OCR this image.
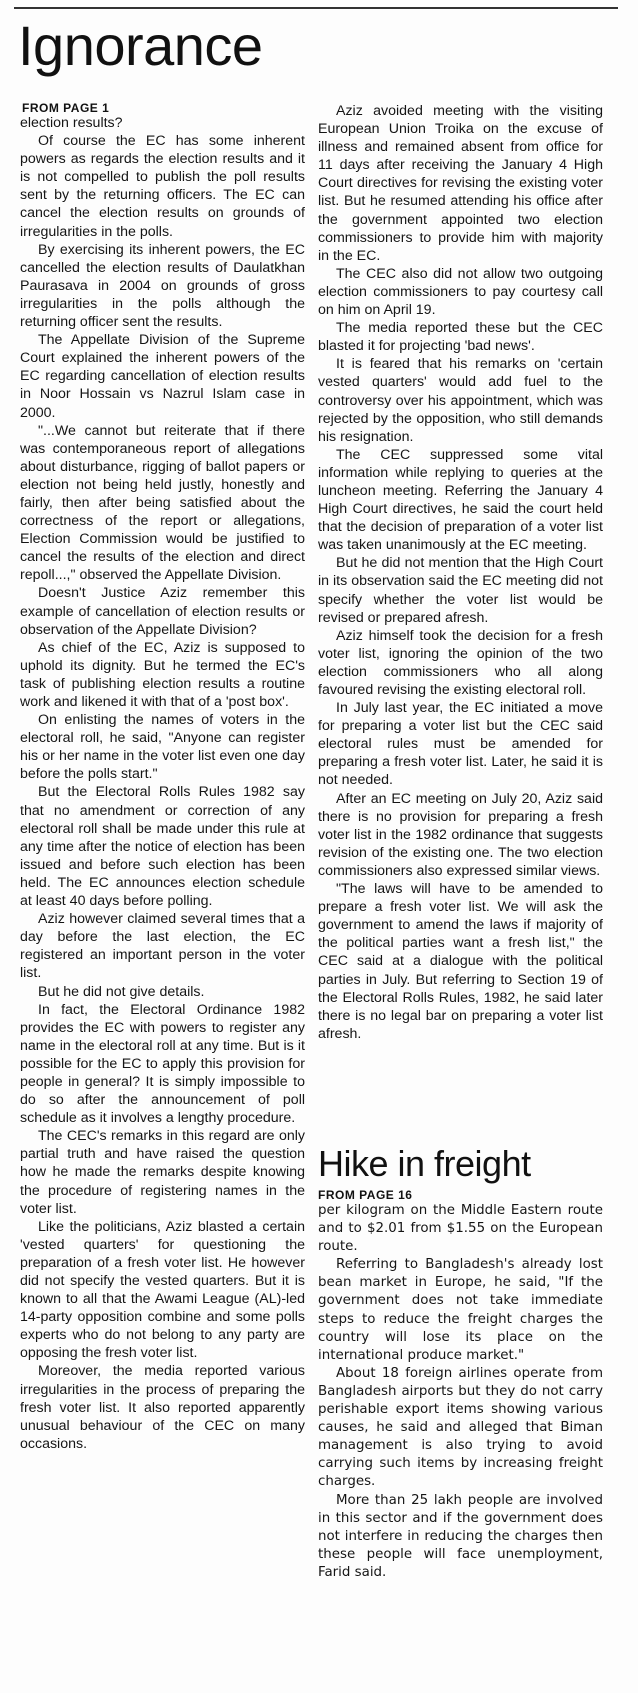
Ignorance
FROM PAGE 1

election results?

Of course the EC has some inherent powers as regards the election results and it is not compelled to publish the poll results sent by the returning officers. The EC can cancel the election results on grounds of irregularities in the polls.

By exercising its inherent powers, the EC cancelled the election results of Daulatkhan Paurasava in 2004 on grounds of gross irregularities in the polls although the returning officer sent the results.

The Appellate Division of the Supreme Court explained the inherent powers of the EC regarding cancellation of election results in Noor Hossain vs Nazrul Islam case in 2000.

"...We cannot but reiterate that if there was contemporaneous report of allegations about disturbance, rigging of ballot papers or election not being held justly, honestly and fairly, then after being satisfied about the correctness of the report or allegations, Election Commission would be justified to cancel the results of the election and direct repoll...," observed the Appellate Division.

Doesn't Justice Aziz remember this example of cancellation of election results or observation of the Appellate Division?

As chief of the EC, Aziz is supposed to uphold its dignity. But he termed the EC's task of publishing election results a routine work and likened it with that of a 'post box'.

On enlisting the names of voters in the electoral roll, he said, "Anyone can register his or her name in the voter list even one day before the polls start."

But the Electoral Rolls Rules 1982 say that no amendment or correction of any electoral roll shall be made under this rule at any time after the notice of election has been issued and before such election has been held. The EC announces election schedule at least 40 days before polling.

Aziz however claimed several times that a day before the last election, the EC registered an important person in the voter list.

But he did not give details.

In fact, the Electoral Ordinance 1982 provides the EC with powers to register any name in the electoral roll at any time. But is it possible for the EC to apply this provision for people in general? It is simply impossible to do so after the announcement of poll schedule as it involves a lengthy procedure.

The CEC's remarks in this regard are only partial truth and have raised the question how he made the remarks despite knowing the procedure of registering names in the voter list.

Like the politicians, Aziz blasted a certain 'vested quarters' for questioning the preparation of a fresh voter list. He however did not specify the vested quarters. But it is known to all that the Awami League (AL)-led 14-party opposition combine and some polls experts who do not belong to any party are opposing the fresh voter list.

Moreover, the media reported various irregularities in the process of preparing the fresh voter list. It also reported apparently unusual behaviour of the CEC on many occasions.

Aziz avoided meeting with the visiting European Union Troika on the excuse of illness and remained absent from office for 11 days after receiving the January 4 High Court directives for revising the existing voter list. But he resumed attending his office after the government appointed two election commissioners to provide him with majority in the EC.

The CEC also did not allow two outgoing election commissioners to pay courtesy call on him on April 19.

The media reported these but the CEC blasted it for projecting 'bad news'.

It is feared that his remarks on 'certain vested quarters' would add fuel to the controversy over his appointment, which was rejected by the opposition, who still demands his resignation.

The CEC suppressed some vital information while replying to queries at the luncheon meeting. Referring the January 4 High Court directives, he said the court held that the decision of preparation of a voter list was taken unanimously at the EC meeting.

But he did not mention that the High Court in its observation said the EC meeting did not specify whether the voter list would be revised or prepared afresh.

Aziz himself took the decision for a fresh voter list, ignoring the opinion of the two election commissioners who all along favoured revising the existing electoral roll.

In July last year, the EC initiated a move for preparing a voter list but the CEC said electoral rules must be amended for preparing a fresh voter list. Later, he said it is not needed.

After an EC meeting on July 20, Aziz said there is no provision for preparing a fresh voter list in the 1982 ordinance that suggests revision of the existing one. The two election commissioners also expressed similar views.

"The laws will have to be amended to prepare a fresh voter list. We will ask the government to amend the laws if majority of the political parties want a fresh list," the CEC said at a dialogue with the political parties in July. But referring to Section 19 of the Electoral Rolls Rules, 1982, he said later there is no legal bar on preparing a voter list afresh.

Hike in freight
FROM PAGE 16

per kilogram on the Middle Eastern route and to $2.01 from $1.55 on the European route.

Referring to Bangladesh's already lost bean market in Europe, he said, "If the government does not take immediate steps to reduce the freight charges the country will lose its place on the international produce market."

About 18 foreign airlines operate from Bangladesh airports but they do not carry perishable export items showing various causes, he said and alleged that Biman management is also trying to avoid carrying such items by increasing freight charges.

More than 25 lakh people are involved in this sector and if the government does not interfere in reducing the charges then these people will face unemployment, Farid said.
